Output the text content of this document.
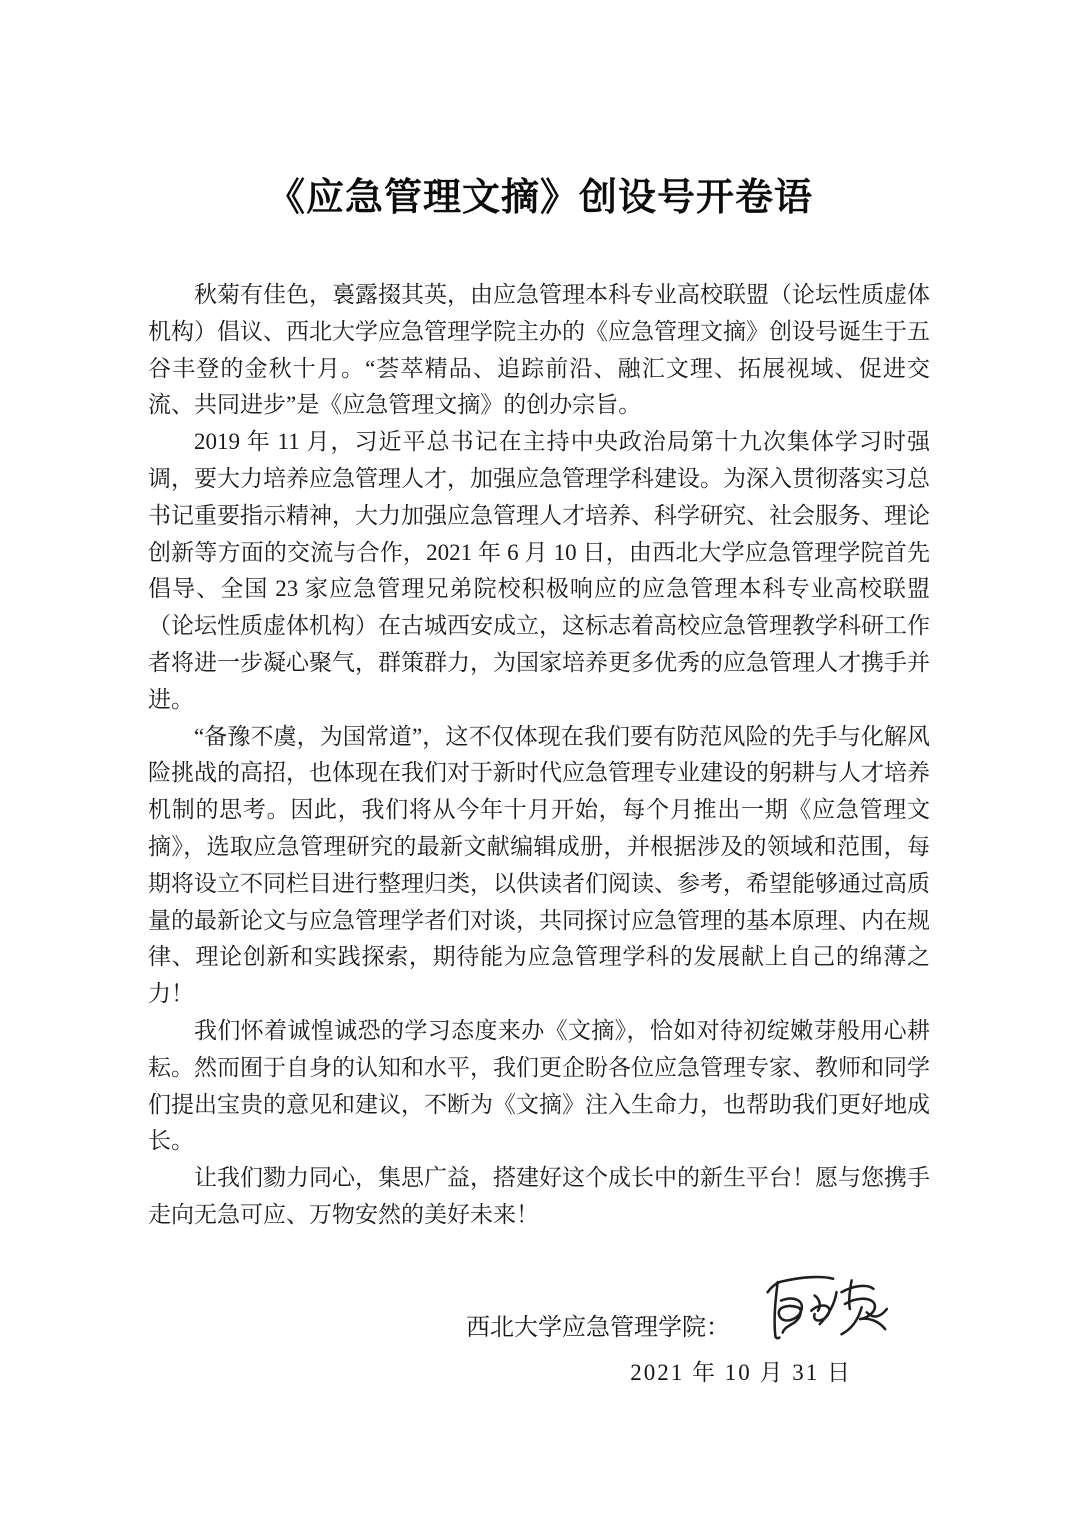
《应急管理文摘》创设号开卷语

秋菊有佳色，裛露掇其英，由应急管理本科专业高校联盟（论坛性质虚体机构）倡议、西北大学应急管理学院主办的《应急管理文摘》创设号诞生于五谷丰登的金秋十月。“荟萃精品、追踪前沿、融汇文理、拓展视域、促进交流、共同进步”是《应急管理文摘》的创办宗旨。

2019 年 11 月，习近平总书记在主持中央政治局第十九次集体学习时强调，要大力培养应急管理人才，加强应急管理学科建设。为深入贯彻落实习总书记重要指示精神，大力加强应急管理人才培养、科学研究、社会服务、理论创新等方面的交流与合作，2021 年 6 月 10 日，由西北大学应急管理学院首先倡导、全国 23 家应急管理兄弟院校积极响应的应急管理本科专业高校联盟（论坛性质虚体机构）在古城西安成立，这标志着高校应急管理教学科研工作者将进一步凝心聚气，群策群力，为国家培养更多优秀的应急管理人才携手并进。

“备豫不虞，为国常道”，这不仅体现在我们要有防范风险的先手与化解风险挑战的高招，也体现在我们对于新时代应急管理专业建设的躬耕与人才培养机制的思考。因此，我们将从今年十月开始，每个月推出一期《应急管理文摘》，选取应急管理研究的最新文献编辑成册，并根据涉及的领域和范围，每期将设立不同栏目进行整理归类，以供读者们阅读、参考，希望能够通过高质量的最新论文与应急管理学者们对谈，共同探讨应急管理的基本原理、内在规律、理论创新和实践探索，期待能为应急管理学科的发展献上自己的绵薄之力！

我们怀着诚惶诚恐的学习态度来办《文摘》，恰如对待初绽嫩芽般用心耕耘。然而囿于自身的认知和水平，我们更企盼各位应急管理专家、教师和同学们提出宝贵的意见和建议，不断为《文摘》注入生命力，也帮助我们更好地成长。

让我们勠力同心，集思广益，搭建好这个成长中的新生平台！愿与您携手走向无急可应、万物安然的美好未来！

西北大学应急管理学院：
2021 年 10 月 31 日
